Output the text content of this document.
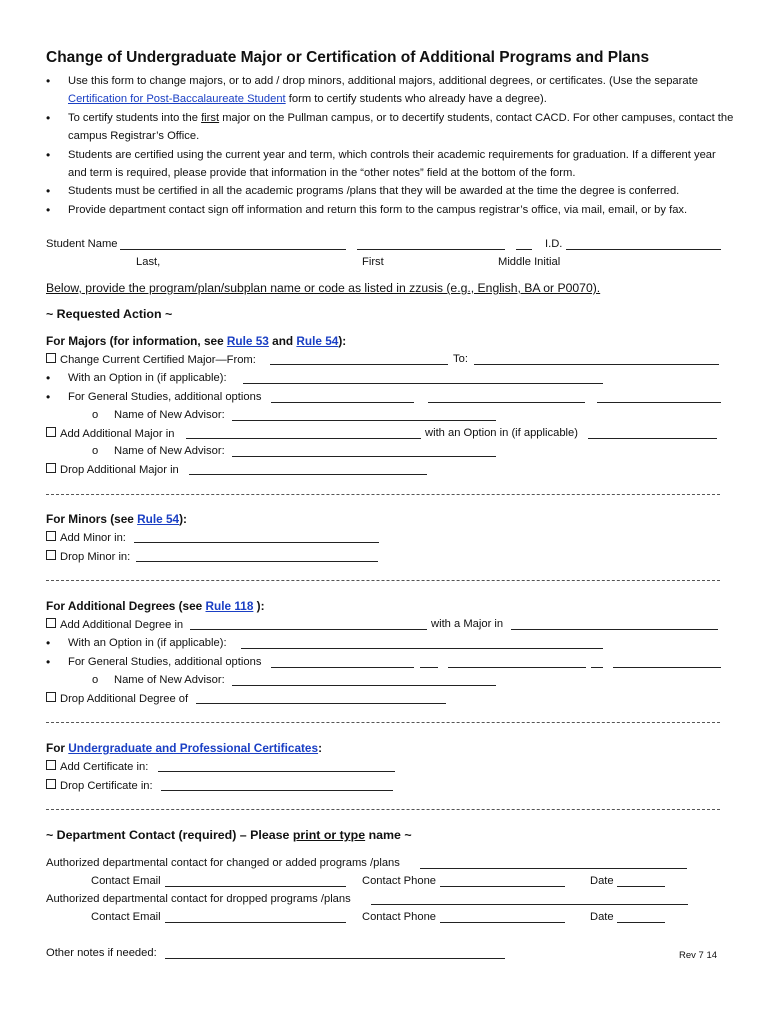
Change of Undergraduate Major or Certification of Additional Programs and Plans
• Use this form to change majors, or to add / drop minors, additional majors, additional degrees, or certificates. (Use the separate Certification for Post-Baccalaureate Student form to certify students who already have a degree).
• To certify students into the first major on the Pullman campus, or to decertify students, contact CACD. For other campuses, contact the campus Registrar’s Office.
• Students are certified using the current year and term, which controls their academic requirements for graduation. If a different year and term is required, please provide that information in the “other notes” field at the bottom of the form.
• Students must be certified in all the academic programs /plans that they will be awarded at the time the degree is conferred.
• Provide department contact sign off information and return this form to the campus registrar’s office, via mail, email, or by fax.
Student Name	I.D.
Last,	First	Middle Initial
Below, provide the program/plan/subplan name or code as listed in zzusis (e.g., English, BA or P0070).
~ Requested Action ~
For Majors (for information, see Rule 53 and Rule 54):
Change Current Certified Major—From:	To:
• With an Option in (if applicable):
• For General Studies, additional options
o Name of New Advisor:
Add Additional Major in	with an Option in (if applicable)
o Name of New Advisor:
Drop Additional Major in
For Minors (see Rule 54):
Add Minor in:
Drop Minor in:
For Additional Degrees (see Rule 118 ):
Add Additional Degree in	with a Major in
• With an Option in (if applicable):
• For General Studies, additional options
o Name of New Advisor:
Drop Additional Degree of
For Undergraduate and Professional Certificates:
Add Certificate in:
Drop Certificate in:
~ Department Contact (required) – Please print or type name ~
Authorized departmental contact for changed or added programs /plans
Contact Email	Contact Phone	Date
Authorized departmental contact for dropped programs /plans
Contact Email	Contact Phone	Date
Other notes if needed:	Rev 7 14
